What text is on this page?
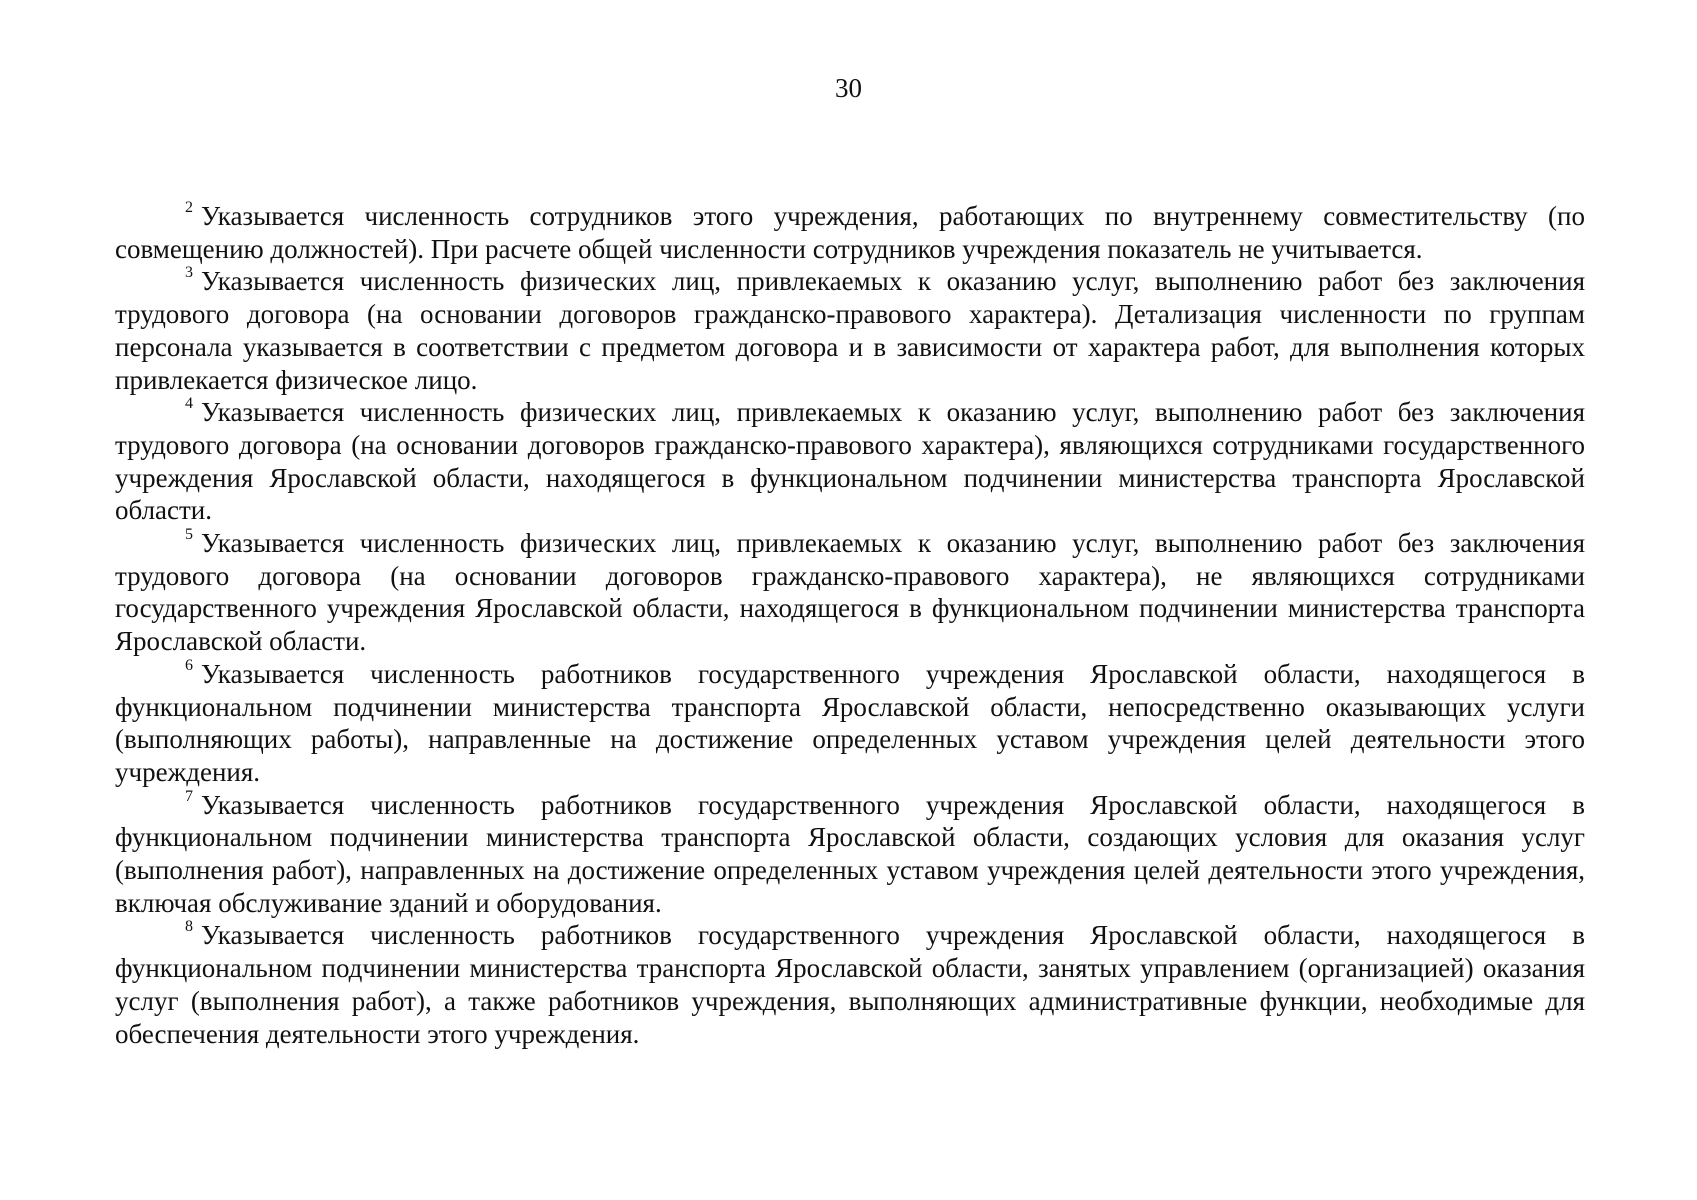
30

$^2$ Указывается численность сотрудников этого учреждения, работающих по внутреннему совместительству (по совмещению должностей). При расчете общей численности сотрудников учреждения показатель не учитывается.

$^3$ Указывается численность физических лиц, привлекаемых к оказанию услуг, выполнению работ без заключения трудового договора (на основании договоров гражданско-правового характера). Детализация численности по группам персонала указывается в соответствии с предметом договора и в зависимости от характера работ, для выполнения которых привлекается физическое лицо.

$^4$ Указывается численность физических лиц, привлекаемых к оказанию услуг, выполнению работ без заключения трудового договора (на основании договоров гражданско-правового характера), являющихся сотрудниками государственного учреждения Ярославской области, находящегося в функциональном подчинении министерства транспорта Ярославской области.

$^5$ Указывается численность физических лиц, привлекаемых к оказанию услуг, выполнению работ без заключения трудового договора (на основании договоров гражданско-правового характера), не являющихся сотрудниками государственного учреждения Ярославской области, находящегося в функциональном подчинении министерства транспорта Ярославской области.

$^6$ Указывается численность работников государственного учреждения Ярославской области, находящегося в функциональном подчинении министерства транспорта Ярославской области, непосредственно оказывающих услуги (выполняющих работы), направленные на достижение определенных уставом учреждения целей деятельности этого учреждения.

$^7$ Указывается численность работников государственного учреждения Ярославской области, находящегося в функциональном подчинении министерства транспорта Ярославской области, создающих условия для оказания услуг (выполнения работ), направленных на достижение определенных уставом учреждения целей деятельности этого учреждения, включая обслуживание зданий и оборудования.

$^8$ Указывается численность работников государственного учреждения Ярославской области, находящегося в функциональном подчинении министерства транспорта Ярославской области, занятых управлением (организацией) оказания услуг (выполнения работ), а также работников учреждения, выполняющих административные функции, необходимые для обеспечения деятельности этого учреждения.
